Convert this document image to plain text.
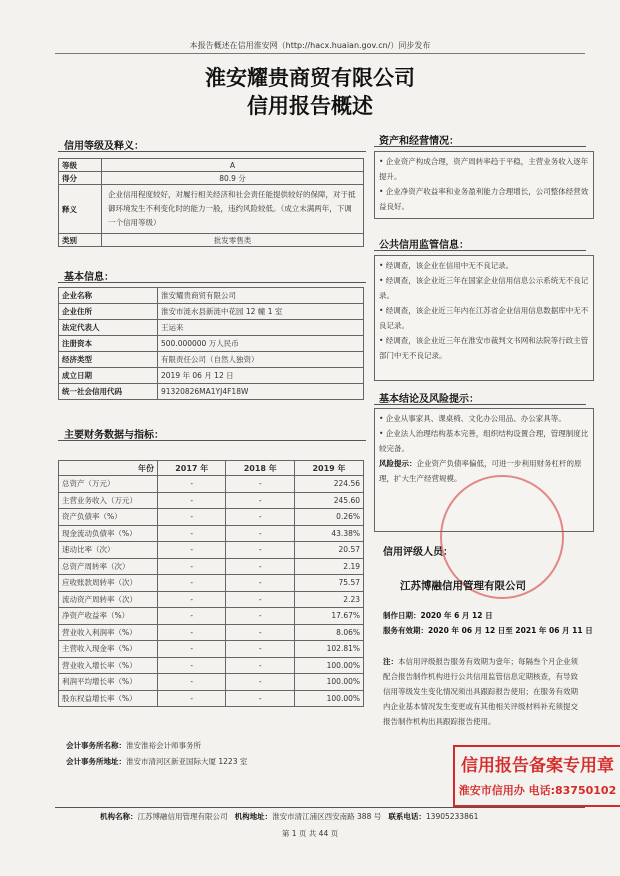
本报告概述在信用淮安网（http://hacx.huaian.gov.cn/）同步发布
淮安耀贵商贸有限公司
信用报告概述
信用等级及释义：
等级	A
得分	80.9 分
释义	企业信用程度较好，对履行相关经济和社会责任能提供较好的保障，对于抵御环境发生不利变化时的能力一般，违约风险较低。（成立未满两年，下调一个信用等级）
类别	批发零售类
基本信息：
企业名称	淮安耀贵商贸有限公司
企业住所	淮安市涟水县新涟中花园 12 幢 1 室
法定代表人	王运来
注册资本	500.000000 万人民币
经济类型	有限责任公司（自然人独资）
成立日期	2019 年 06 月 12 日
统一社会信用代码	91320826MA1YJ4F18W
主要财务数据与指标：
年份	2017 年	2018 年	2019 年
总资产（万元）	-	-	224.56
主营业务收入（万元）	-	-	245.60
资产负债率（%）	-	-	0.26%
现金流动负债率（%）	-	-	43.38%
速动比率（次）	-	-	20.57
总资产周转率（次）	-	-	2.19
应收账款周转率（次）	-	-	75.57
流动资产周转率（次）	-	-	2.23
净资产收益率（%）	-	-	17.67%
营业收入利润率（%）	-	-	8.06%
主营收入现金率（%）	-	-	102.81%
营业收入增长率（%）	-	-	100.00%
利润平均增长率（%）	-	-	100.00%
股东权益增长率（%）	-	-	100.00%
会计事务所名称：淮安淮裕会计师事务所
会计事务所地址：淮安市清河区新亚国际大厦 1223 室
资产和经营情况：

• 企业资产构成合理，资产周转率趋于平稳，主营业务收入逐年提升。

• 企业净资产收益率和业务盈利能力合理增长，公司整体经营效益良好。

公共信用监管信息：

• 经调查，该企业在信用中无不良记录。

• 经调查，该企业近三年在国家企业信用信息公示系统无不良记录。

• 经调查，该企业近三年内在江苏省企业信用信息数据库中无不良记录。

• 经调查，该企业近三年在淮安市裁判文书网和法院等行政主管部门中无不良记录。

基本结论及风险提示：

• 企业从事家具、课桌椅、文化办公用品、办公家具等。

• 企业法人治理结构基本完善，组织结构设置合理，管理制度比较完备。

风险提示：企业资产负债率偏低，可进一步利用财务杠杆的原理，扩大生产经营规模。

信用评级人员：
江苏博融信用管理有限公司
制作日期：2020 年 6 月 12 日
服务有效期：2020 年 06 月 12 日至 2021 年 06 月 11 日
注：本信用评级报告服务有效期为壹年；每隔叁个月企业须配合报告制作机构进行公共信用监管信息定期核查，有导致信用等级发生变化情况须出具跟踪报告使用；在服务有效期内企业基本情况发生变更或有其他相关评级材料补充须提交报告制作机构出具跟踪报告使用。
信用报告备案专用章
淮安市信用办 电话:83750102
机构名称：江苏博融信用管理有限公司 机构地址：淮安市清江浦区西安南路 388 号 联系电话：13905233861
第 1 页 共 44 页
